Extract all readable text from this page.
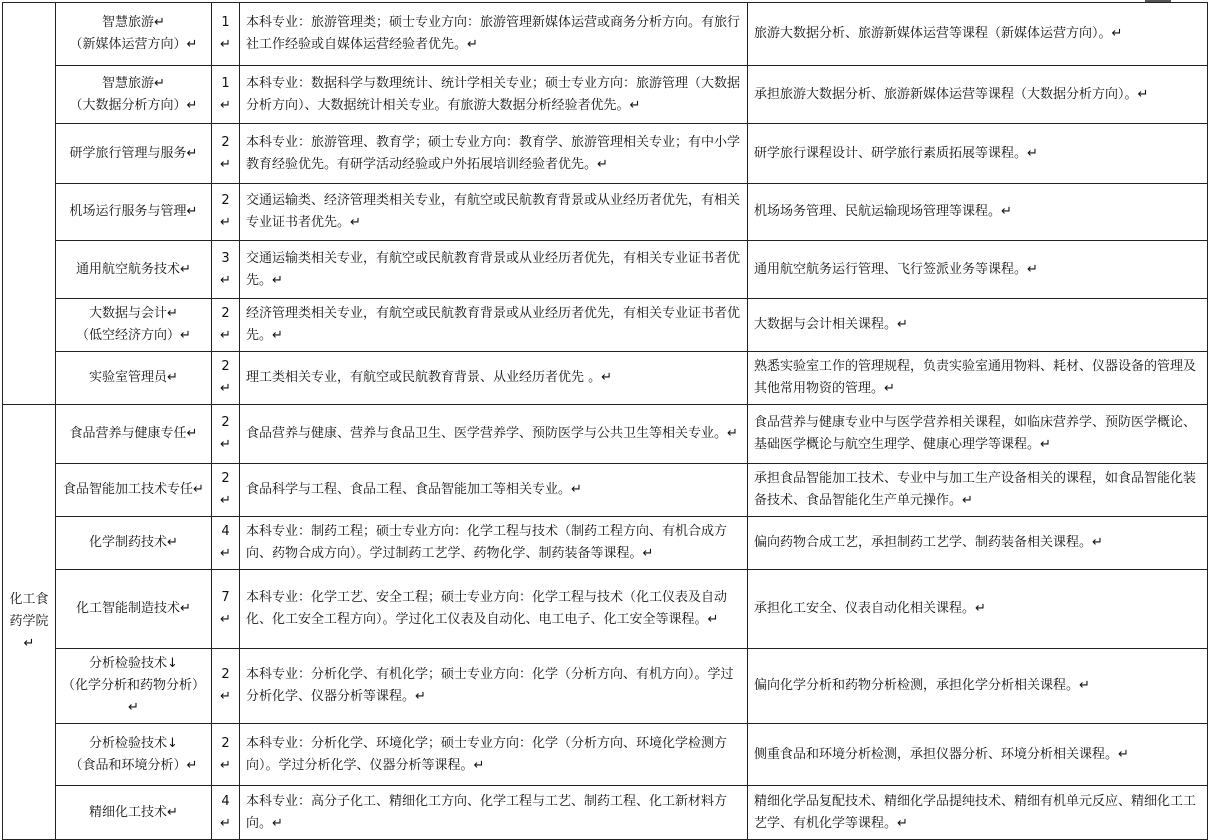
	智慧旅游↵
（新媒体运营方向）↵	1↵	本科专业：旅游管理类；硕士专业方向：旅游管理新媒体运营或商务分析方向。有旅行社工作经验或自媒体运营经验者优先。↵	旅游大数据分析、旅游新媒体运营等课程（新媒体运营方向）。↵
	智慧旅游↵
（大数据分析方向）↵	1↵	本科专业：数据科学与数理统计、统计学相关专业；硕士专业方向：旅游管理（大数据分析方向）、大数据统计相关专业。有旅游大数据分析经验者优先。↵	承担旅游大数据分析、旅游新媒体运营等课程（大数据分析方向）。↵
	研学旅行管理与服务↵	2↵	本科专业：旅游管理、教育学；硕士专业方向：教育学、旅游管理相关专业；有中小学教育经验优先。有研学活动经验或户外拓展培训经验者优先。↵	研学旅行课程设计、研学旅行素质拓展等课程。↵
	机场运行服务与管理↵	2↵	交通运输类、经济管理类相关专业，有航空或民航教育背景或从业经历者优先，有相关专业证书者优先。↵	机场场务管理、民航运输现场管理等课程。↵
	通用航空航务技术↵	3↵	交通运输类相关专业，有航空或民航教育背景或从业经历者优先，有相关专业证书者优先。↵	通用航空航务运行管理、飞行签派业务等课程。↵
	大数据与会计↵
（低空经济方向）↵	2↵	经济管理类相关专业，有航空或民航教育背景或从业经历者优先，有相关专业证书者优先。↵	大数据与会计相关课程。↵
	实验室管理员↵	2↵	理工类相关专业，有航空或民航教育背景、从业经历者优先 。↵	熟悉实验室工作的管理规程，负责实验室通用物料、耗材、仪器设备的管理及其他常用物资的管理。↵
化工食药学院↵	食品营养与健康专任↵	2↵	食品营养与健康、营养与食品卫生、医学营养学、预防医学与公共卫生等相关专业。↵	食品营养与健康专业中与医学营养相关课程，如临床营养学、预防医学概论、基础医学概论与航空生理学、健康心理学等课程。↵
	食品智能加工技术专任↵	2↵	食品科学与工程、食品工程、食品智能加工等相关专业。↵	承担食品智能加工技术、专业中与加工生产设备相关的课程，如食品智能化装备技术、食品智能化生产单元操作。↵
	化学制药技术↵	4↵	本科专业：制药工程；硕士专业方向：化学工程与技术（制药工程方向、有机合成方向、药物合成方向）。学过制药工艺学、药物化学、制药装备等课程。↵	偏向药物合成工艺，承担制药工艺学、制药装备相关课程。↵
	化工智能制造技术↵	7↵	本科专业：化学工艺、安全工程；硕士专业方向：化学工程与技术（化工仪表及自动化、化工安全工程方向）。学过化工仪表及自动化、电工电子、化工安全等课程。↵	承担化工安全、仪表自动化相关课程。↵
	分析检验技术↓
（化学分析和药物分析）↵	2↵	本科专业：分析化学、有机化学；硕士专业方向：化学（分析方向、有机方向）。学过分析化学、仪器分析等课程。↵	偏向化学分析和药物分析检测，承担化学分析相关课程。↵
	分析检验技术↓
（食品和环境分析）↵	2↵	本科专业：分析化学、环境化学；硕士专业方向：化学（分析方向、环境化学检测方向）。学过分析化学、仪器分析等课程。↵	侧重食品和环境分析检测，承担仪器分析、环境分析相关课程。↵
	精细化工技术↵	4↵	本科专业：高分子化工、精细化工方向、化学工程与工艺、制药工程、化工新材料方向。↵	精细化学品复配技术、精细化学品提纯技术、精细有机单元反应、精细化工工艺学、有机化学等课程。↵
